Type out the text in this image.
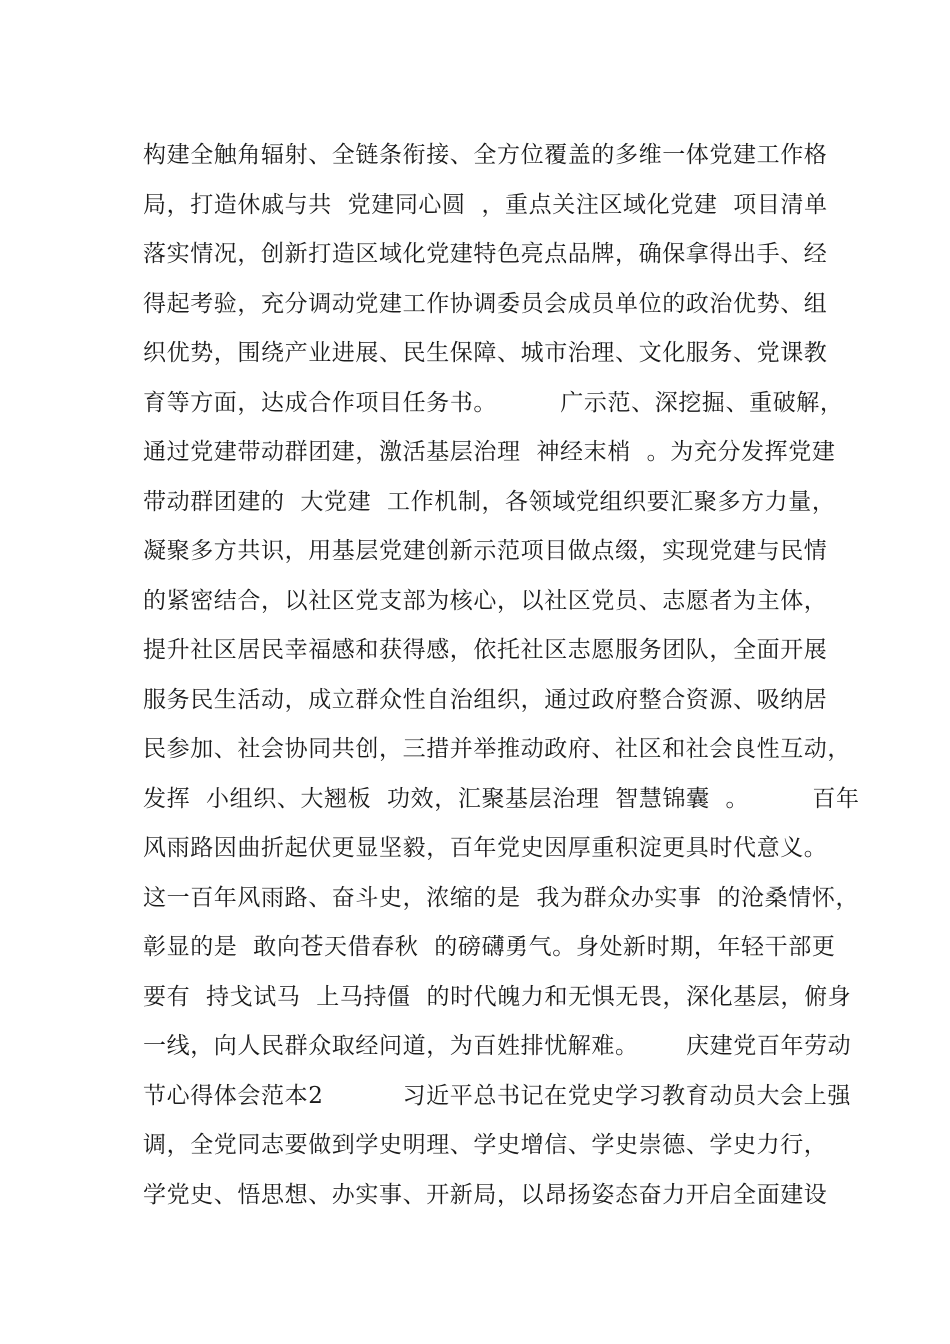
构建全触角辐射、全链条衔接、全方位覆盖的多维一体党建工作格
局，打造休戚与共  党建同心圆  ，重点关注区域化党建  项目清单
落实情况，创新打造区域化党建特色亮点品牌，确保拿得出手、经
得起考验，充分调动党建工作协调委员会成员单位的政治优势、组
织优势，围绕产业进展、民生保障、城市治理、文化服务、党课教
育等方面，达成合作项目任务书。        广示范、深挖掘、重破解，
通过党建带动群团建，激活基层治理  神经末梢  。为充分发挥党建
带动群团建的  大党建  工作机制，各领域党组织要汇聚多方力量，
凝聚多方共识，用基层党建创新示范项目做点缀，实现党建与民情
的紧密结合，以社区党支部为核心，以社区党员、志愿者为主体，
提升社区居民幸福感和获得感，依托社区志愿服务团队，全面开展
服务民生活动，成立群众性自治组织，通过政府整合资源、吸纳居
民参加、社会协同共创，三措并举推动政府、社区和社会良性互动，
发挥  小组织、大翘板  功效，汇聚基层治理  智慧锦囊  。        百年
风雨路因曲折起伏更显坚毅，百年党史因厚重积淀更具时代意义。
这一百年风雨路、奋斗史，浓缩的是  我为群众办实事  的沧桑情怀，
彰显的是  敢向苍天借春秋  的磅礴勇气。身处新时期，年轻干部更
要有  持戈试马  上马持僵  的时代魄力和无惧无畏，深化基层，俯身
一线，向人民群众取经问道，为百姓排忧解难。      庆建党百年劳动
节心得体会范本2          习近平总书记在党史学习教育动员大会上强
调，全党同志要做到学史明理、学史增信、学史崇德、学史力行，
学党史、悟思想、办实事、开新局，以昂扬姿态奋力开启全面建设
